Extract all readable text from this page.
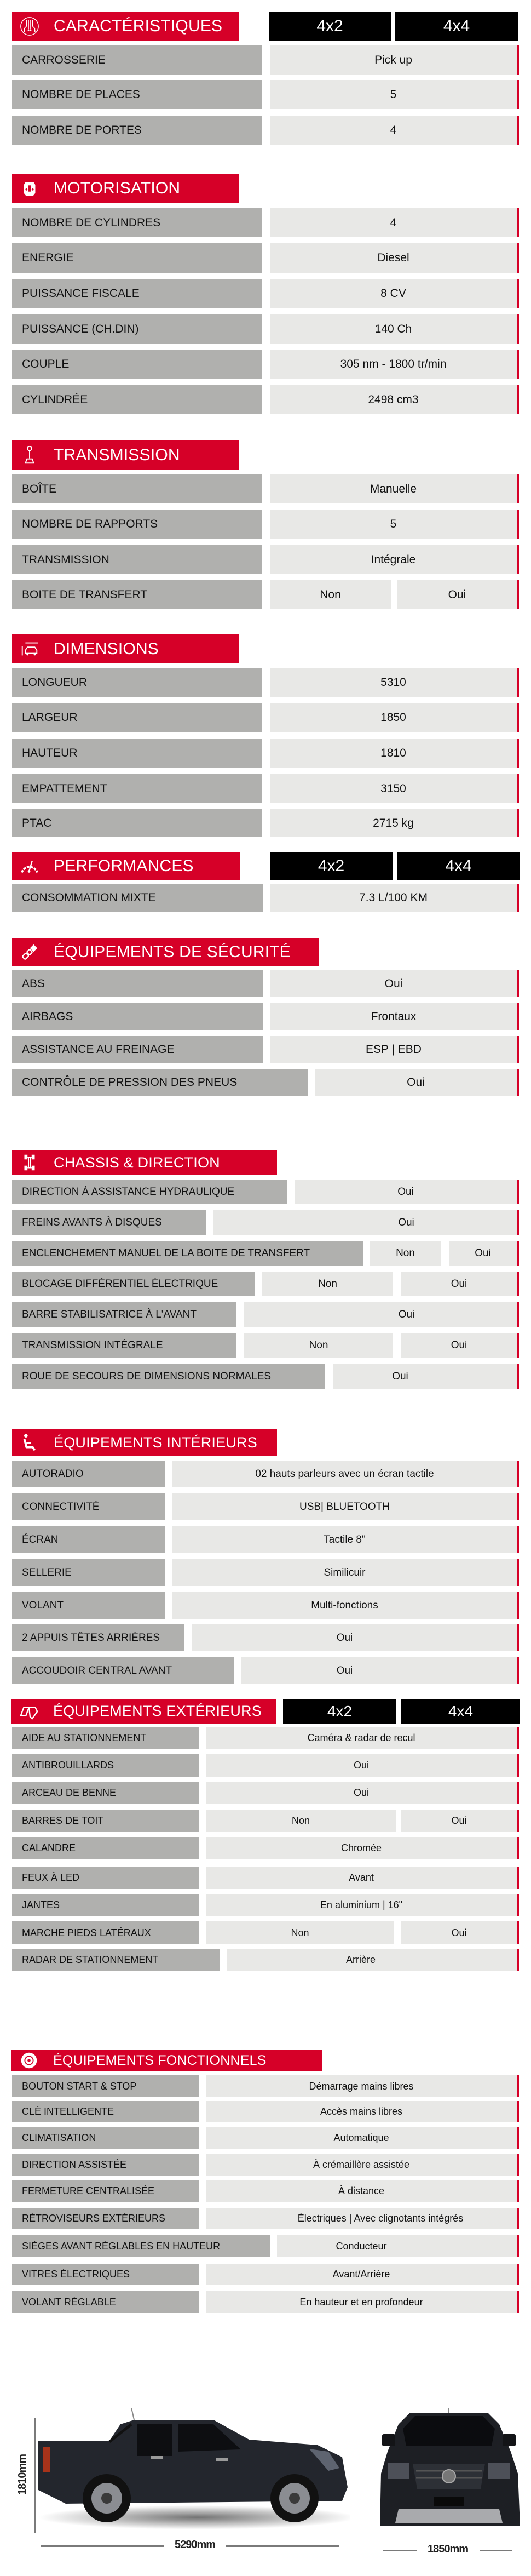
CARACTÉRISTIQUES	4x2	4x4
CARROSSERIE	Pick up
NOMBRE DE PLACES	5
NOMBRE DE PORTES	4
MOTORISATION
NOMBRE DE CYLINDRES	4
ENERGIE	Diesel
PUISSANCE FISCALE	8 CV
PUISSANCE (CH.DIN)	140 Ch
COUPLE	305 nm - 1800 tr/min
CYLINDRÉE	2498 cm3
TRANSMISSION
BOÎTE	Manuelle
NOMBRE DE RAPPORTS	5
TRANSMISSION	Intégrale
BOITE DE TRANSFERT	Non	Oui
DIMENSIONS
LONGUEUR	5310
LARGEUR	1850
HAUTEUR	1810
EMPATTEMENT	3150
PTAC	2715 kg
PERFORMANCES	4x2	4x4
CONSOMMATION MIXTE	7.3 L/100 KM
ÉQUIPEMENTS DE SÉCURITÉ
ABS	Oui
AIRBAGS	Frontaux
ASSISTANCE AU FREINAGE	ESP | EBD
CONTRÔLE DE PRESSION DES PNEUS	Oui
CHASSIS & DIRECTION
DIRECTION À ASSISTANCE HYDRAULIQUE	Oui
FREINS AVANTS À DISQUES	Oui
ENCLENCHEMENT MANUEL DE LA BOITE DE TRANSFERT	Non	Oui
BLOCAGE DIFFÉRENTIEL ÉLECTRIQUE	Non	Oui
BARRE STABILISATRICE À L'AVANT	Oui
TRANSMISSION INTÉGRALE	Non	Oui
ROUE DE SECOURS DE DIMENSIONS NORMALES	Oui
ÉQUIPEMENTS INTÉRIEURS
AUTORADIO	02 hauts parleurs avec un écran tactile
CONNECTIVITÉ	USB| BLUETOOTH
ÉCRAN	Tactile 8"
SELLERIE	Similicuir
VOLANT	Multi-fonctions
2 APPUIS TÊTES ARRIÈRES	Oui
ACCOUDOIR CENTRAL AVANT	Oui
ÉQUIPEMENTS EXTÉRIEURS	4x2	4x4
AIDE AU STATIONNEMENT	Caméra & radar de recul
ANTIBROUILLARDS	Oui
ARCEAU DE BENNE	Oui
BARRES DE TOIT	Non	Oui
CALANDRE	Chromée
FEUX À LED	Avant
JANTES	En aluminium | 16"
MARCHE PIEDS LATÉRAUX	Non	Oui
RADAR DE STATIONNEMENT	Arrière
ÉQUIPEMENTS FONCTIONNELS
BOUTON START & STOP	Démarrage mains libres
CLÉ INTELLIGENTE	Accès mains libres
CLIMATISATION	Automatique
DIRECTION ASSISTÉE	À crémaillère assistée
FERMETURE CENTRALISÉE	À distance
RÉTROVISEURS EXTÉRIEURS	Électriques | Avec clignotants intégrés
SIÈGES AVANT RÉGLABLES EN HAUTEUR	Conducteur
VITRES ÉLECTRIQUES	Avant/Arrière
VOLANT RÉGLABLE	En hauteur et en profondeur
1810mm
5290mm	1850mm
